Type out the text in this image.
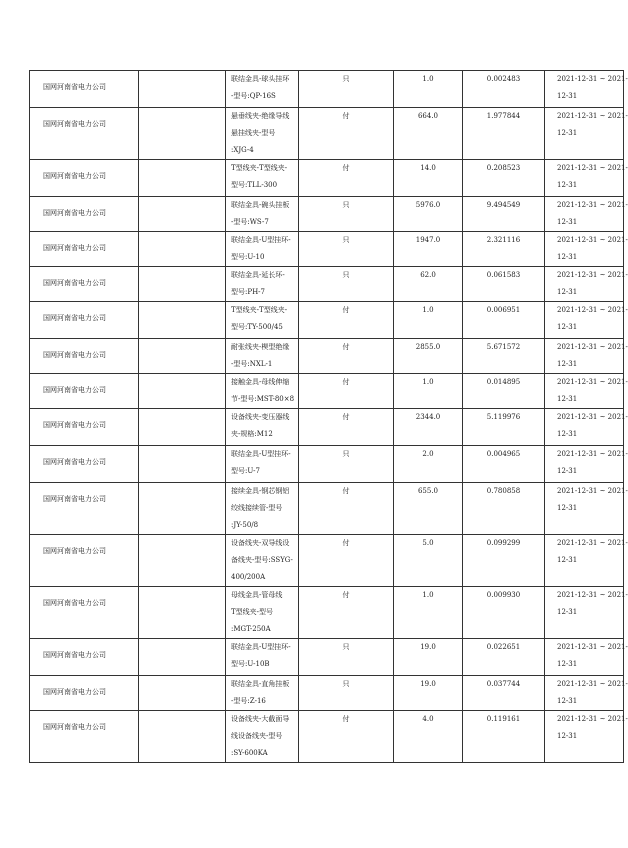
国网河南省电力公司		联结金具-球头挂环
-型号:QP-16S	只	1.0	0.002483	2021-12-31 ~ 2021-
12-31

国网河南省电力公司		悬垂线夹-绝缘导线
悬挂线夹-型号
:XJG-4	付	664.0	1.977844	2021-12-31 ~ 2021-
12-31

国网河南省电力公司		T型线夹-T型线夹-
型号:TLL-300	付	14.0	0.208523	2021-12-31 ~ 2021-
12-31

国网河南省电力公司		联结金具-碗头挂板
-型号:WS-7	只	5976.0	9.494549	2021-12-31 ~ 2021-
12-31

国网河南省电力公司		联结金具-U型挂环-
型号:U-10	只	1947.0	2.321116	2021-12-31 ~ 2021-
12-31

国网河南省电力公司		联结金具-延长环-
型号:PH-7	只	62.0	0.061583	2021-12-31 ~ 2021-
12-31

国网河南省电力公司		T型线夹-T型线夹-
型号:TY-500/45	付	1.0	0.006951	2021-12-31 ~ 2021-
12-31

国网河南省电力公司		耐张线夹-楔型绝缘
-型号:NXL-1	付	2855.0	5.671572	2021-12-31 ~ 2021-
12-31

国网河南省电力公司		接触金具-母线伸缩
节-型号:MST-80×8	付	1.0	0.014895	2021-12-31 ~ 2021-
12-31

国网河南省电力公司		设备线夹-变压器线
夹-规格:M12	付	2344.0	5.119976	2021-12-31 ~ 2021-
12-31

国网河南省电力公司		联结金具-U型挂环-
型号:U-7	只	2.0	0.004965	2021-12-31 ~ 2021-
12-31

国网河南省电力公司		接续金具-钢芯钢铝
绞线接续管-型号
:JY-50/8	付	655.0	0.780858	2021-12-31 ~ 2021-
12-31

国网河南省电力公司		设备线夹-双导线设
备线夹-型号:SSYG-
400/200A	付	5.0	0.099299	2021-12-31 ~ 2021-
12-31

国网河南省电力公司		母线金具-管母线
T型线夹-型号
:MGT-250A	付	1.0	0.009930	2021-12-31 ~ 2021-
12-31

国网河南省电力公司		联结金具-U型挂环-
型号:U-10B	只	19.0	0.022651	2021-12-31 ~ 2021-
12-31

国网河南省电力公司		联结金具-直角挂板
-型号:Z-16	只	19.0	0.037744	2021-12-31 ~ 2021-
12-31

国网河南省电力公司		设备线夹-大截面导
线设备线夹-型号
:SY-600KA	付	4.0	0.119161	2021-12-31 ~ 2021-
12-31
